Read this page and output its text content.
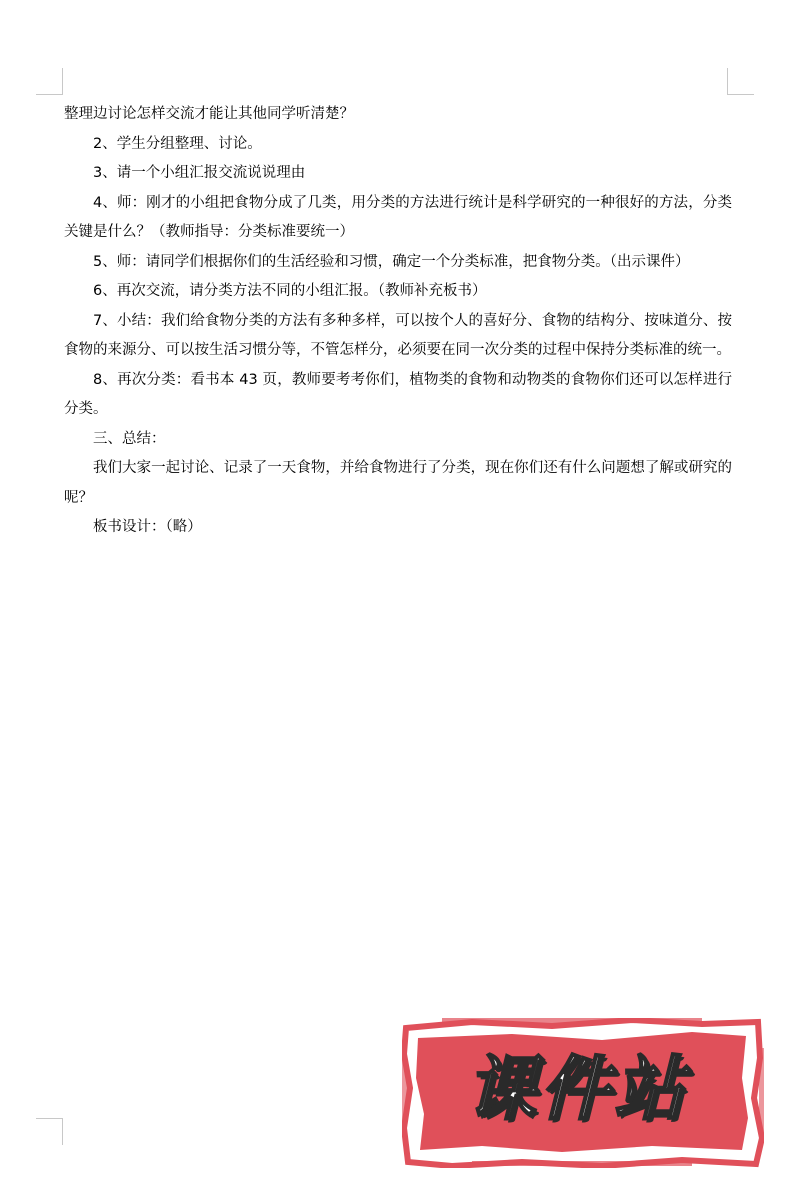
整理边讨论怎样交流才能让其他同学听清楚？

2、学生分组整理、讨论。

3、请一个小组汇报交流说说理由

4、师：刚才的小组把食物分成了几类，用分类的方法进行统计是科学研究的一种很好的方法，分类关键是什么？（教师指导：分类标准要统一）

5、师：请同学们根据你们的生活经验和习惯，确定一个分类标准，把食物分类。（出示课件）

6、再次交流，请分类方法不同的小组汇报。（教师补充板书）

7、小结：我们给食物分类的方法有多种多样，可以按个人的喜好分、食物的结构分、按味道分、按食物的来源分、可以按生活习惯分等，不管怎样分，必须要在同一次分类的过程中保持分类标准的统一。

8、再次分类：看书本 43 页，教师要考考你们，植物类的食物和动物类的食物你们还可以怎样进行分类。

三、总结：

我们大家一起讨论、记录了一天食物，并给食物进行了分类，现在你们还有什么问题想了解或研究的呢？

板书设计：（略）

课件站
